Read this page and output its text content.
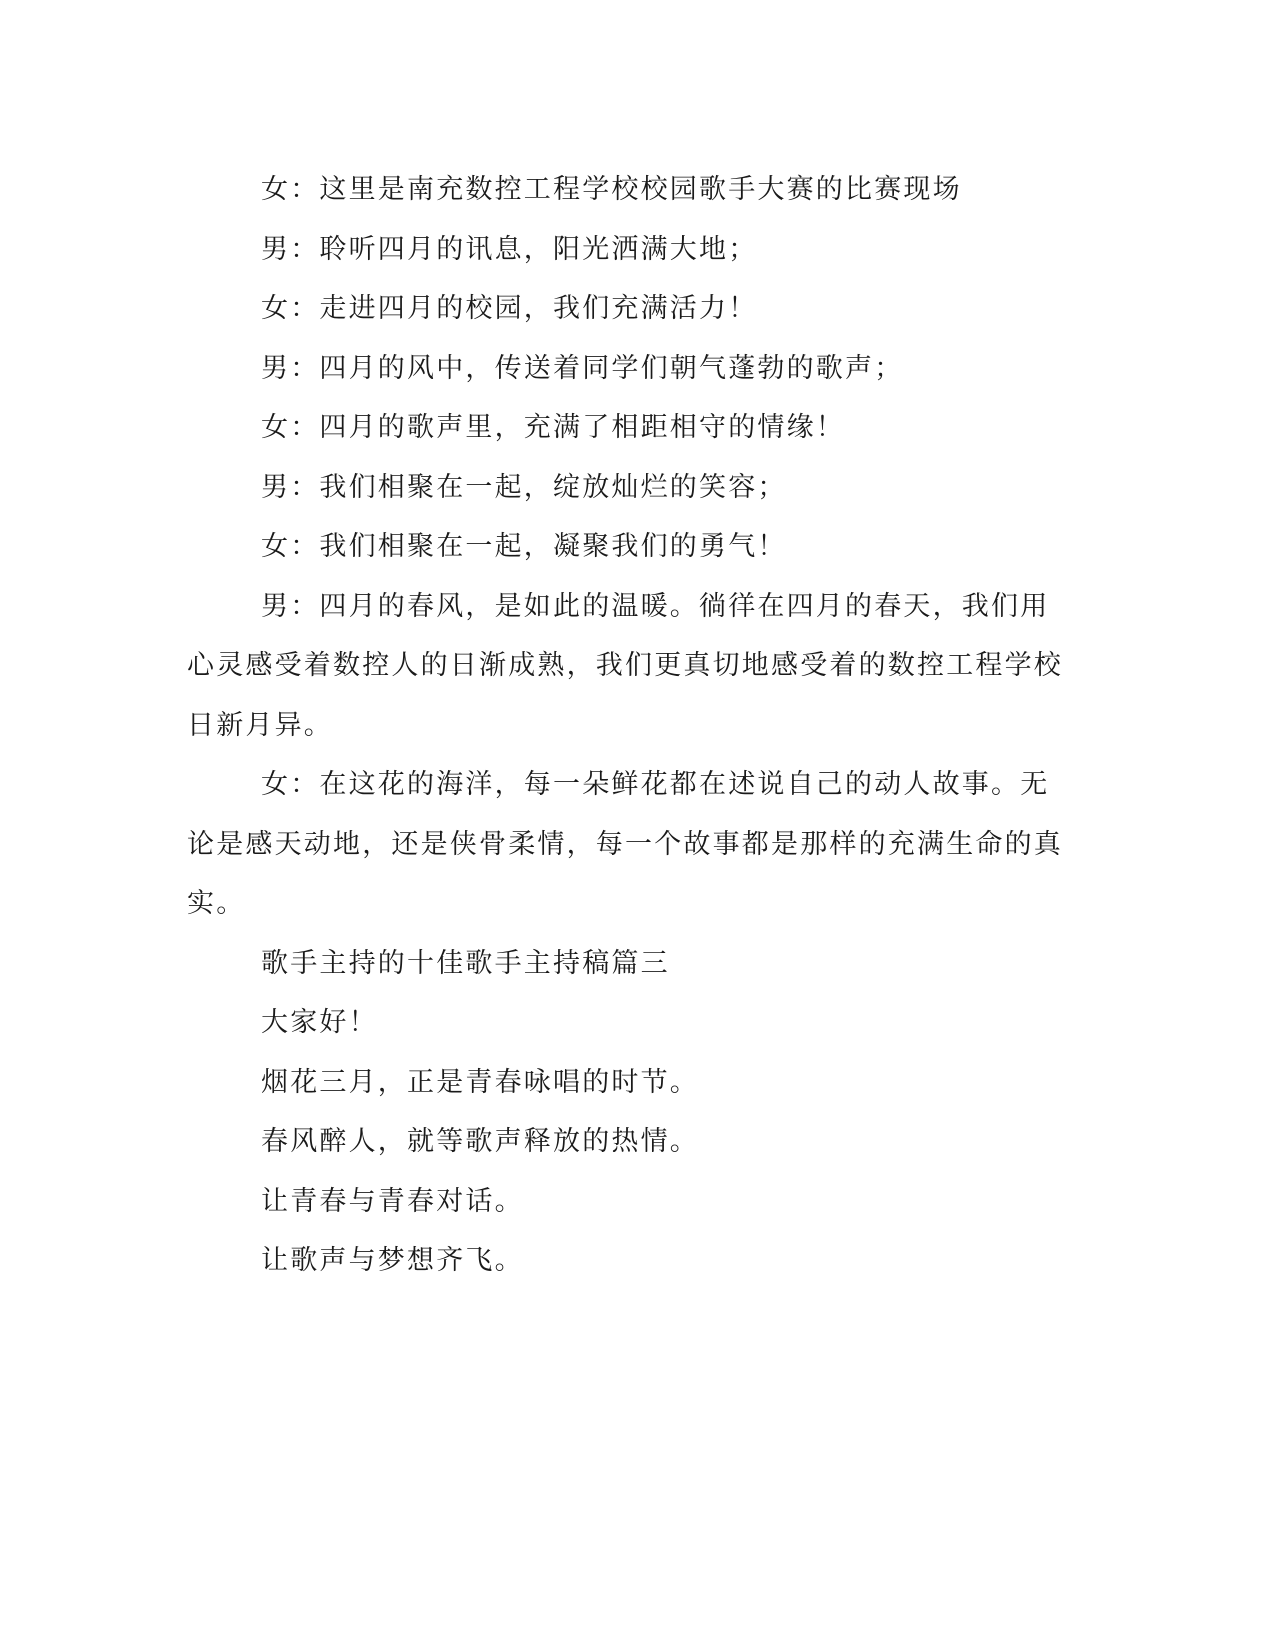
女：这里是南充数控工程学校校园歌手大赛的比赛现场

男：聆听四月的讯息，阳光洒满大地；

女：走进四月的校园，我们充满活力！

男：四月的风中，传送着同学们朝气蓬勃的歌声；

女：四月的歌声里，充满了相距相守的情缘！

男：我们相聚在一起，绽放灿烂的笑容；

女：我们相聚在一起，凝聚我们的勇气！

男：四月的春风，是如此的温暖。徜徉在四月的春天，我们用心灵感受着数控人的日渐成熟，我们更真切地感受着的数控工程学校日新月异。

女：在这花的海洋，每一朵鲜花都在述说自己的动人故事。无论是感天动地，还是侠骨柔情，每一个故事都是那样的充满生命的真实。

歌手主持的十佳歌手主持稿篇三

大家好！

烟花三月，正是青春咏唱的时节。

春风醉人，就等歌声释放的热情。

让青春与青春对话。

让歌声与梦想齐飞。
